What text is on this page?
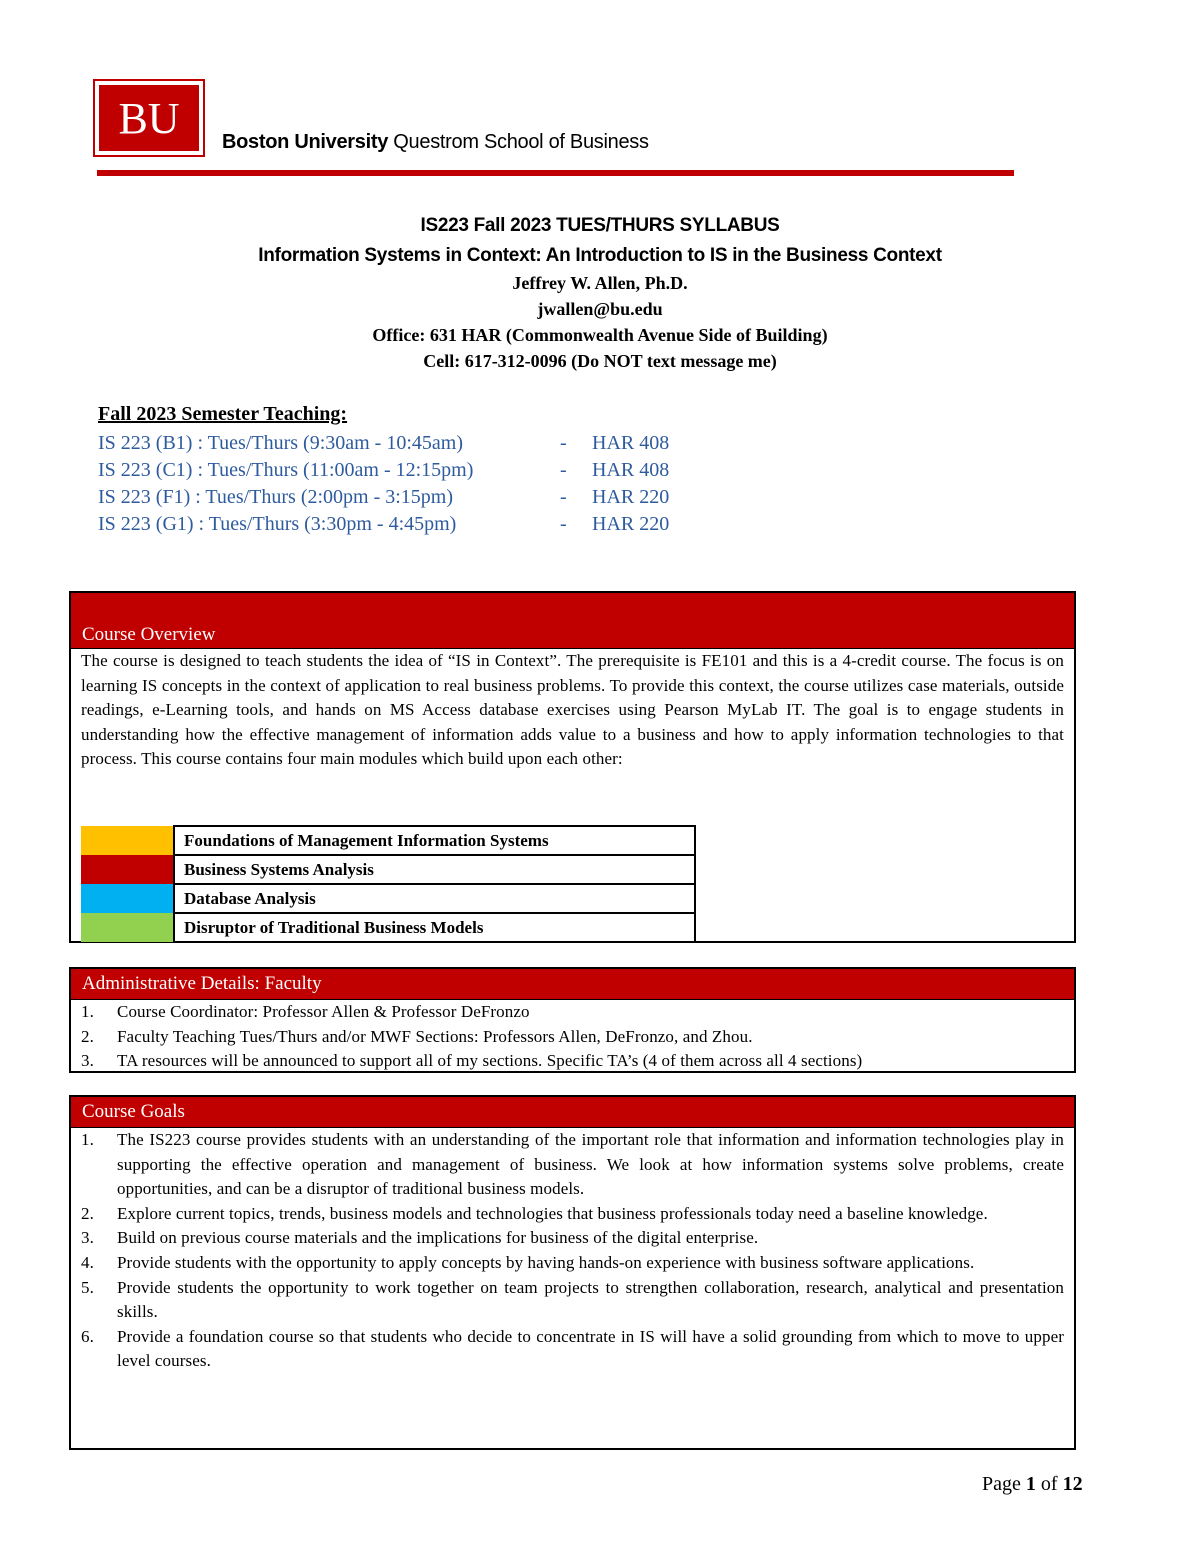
BU	Boston University Questrom School of Business
IS223 Fall 2023 TUES/THURS SYLLABUS
Information Systems in Context: An Introduction to IS in the Business Context
Jeffrey W. Allen, Ph.D.
jwallen@bu.edu
Office: 631 HAR (Commonwealth Avenue Side of Building)
Cell: 617-312-0096 (Do NOT text message me)
Fall 2023 Semester Teaching:
IS 223 (B1) : Tues/Thurs (9:30am - 10:45am)	- HAR 408
IS 223 (C1) : Tues/Thurs (11:00am - 12:15pm)	- HAR 408
IS 223 (F1) : Tues/Thurs (2:00pm - 3:15pm)	- HAR 220
IS 223 (G1) : Tues/Thurs (3:30pm - 4:45pm)	- HAR 220
Course Overview
The course is designed to teach students the idea of “IS in Context”. The prerequisite is FE101 and this is a 4-credit course. The focus is on learning IS concepts in the context of application to real business problems. To provide this context, the course utilizes case materials, outside readings, e-Learning tools, and hands on MS Access database exercises using Pearson MyLab IT. The goal is to engage students in understanding how the effective management of information adds value to a business and how to apply information technologies to that process. This course contains four main modules which build upon each other:
	Foundations of Management Information Systems
	Business Systems Analysis
	Database Analysis
	Disruptor of Traditional Business Models
Administrative Details: Faculty
1.	Course Coordinator: Professor Allen & Professor DeFronzo
2.	Faculty Teaching Tues/Thurs and/or MWF Sections: Professors Allen, DeFronzo, and Zhou.
3.	TA resources will be announced to support all of my sections. Specific TA’s (4 of them across all 4 sections)
Course Goals
1.	The IS223 course provides students with an understanding of the important role that information and information technologies play in supporting the effective operation and management of business. We look at how information systems solve problems, create opportunities, and can be a disruptor of traditional business models.
2.	Explore current topics, trends, business models and technologies that business professionals today need a baseline knowledge.
3.	Build on previous course materials and the implications for business of the digital enterprise.
4.	Provide students with the opportunity to apply concepts by having hands-on experience with business software applications.
5.	Provide students the opportunity to work together on team projects to strengthen collaboration, research, analytical and presentation skills.
6.	Provide a foundation course so that students who decide to concentrate in IS will have a solid grounding from which to move to upper level courses.
Page 1 of 12
